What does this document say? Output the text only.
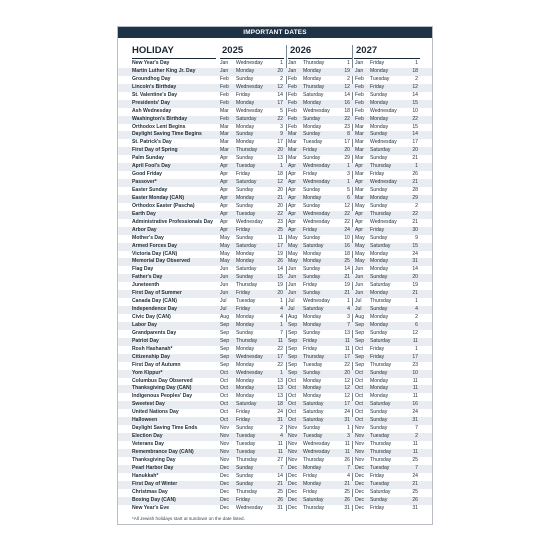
IMPORTANT DATES
HOLIDAY	2025	2026	2027
New Year's Day	Jan	Wednesday	1 Jan	Thursday	1 Jan	Friday	1
Martin Luther King Jr. Day	Jan	Monday	20 Jan	Monday	19 Jan	Monday	18
Groundhog Day	Feb	Sunday	2 Feb	Monday	2 Feb	Tuesday	2
Lincoln's Birthday	Feb	Wednesday	12 Feb	Thursday	12 Feb	Friday	12
St. Valentine's Day	Feb	Friday	14 Feb	Saturday	14 Feb	Sunday	14
Presidents' Day	Feb	Monday	17 Feb	Monday	16 Feb	Monday	15
Ash Wednesday	Mar	Wednesday	5 Feb	Wednesday	18 Feb	Wednesday	10
Washington's Birthday	Feb	Saturday	22 Feb	Sunday	22 Feb	Monday	22
Orthodox Lent Begins	Mar	Monday	3 Feb	Monday	23 Mar	Monday	15
Daylight Saving Time Begins	Mar	Sunday	9 Mar	Sunday	8 Mar	Sunday	14
St. Patrick's Day	Mar	Monday	17 Mar	Tuesday	17 Mar	Wednesday	17
First Day of Spring	Mar	Thursday	20 Mar	Friday	20 Mar	Saturday	20
Palm Sunday	Apr	Sunday	13 Mar	Sunday	29 Mar	Sunday	21
April Fool's Day	Apr	Tuesday	1 Apr	Wednesday	1 Apr	Thursday	1
Good Friday	Apr	Friday	18 Apr	Friday	3 Mar	Friday	26
Passover*	Apr	Saturday	12 Apr	Wednesday	1 Apr	Wednesday	21
Easter Sunday	Apr	Sunday	20 Apr	Sunday	5 Mar	Sunday	28
Easter Monday (CAN)	Apr	Monday	21 Apr	Monday	6 Mar	Monday	29
Orthodox Easter (Pascha)	Apr	Sunday	20 Apr	Sunday	12 May	Sunday	2
Earth Day	Apr	Tuesday	22 Apr	Wednesday	22 Apr	Thursday	22
Administrative Professionals Day	Apr	Wednesday	23 Apr	Wednesday	22 Apr	Wednesday	21
Arbor Day	Apr	Friday	25 Apr	Friday	24 Apr	Friday	30
Mother's Day	May	Sunday	11 May	Sunday	10 May	Sunday	9
Armed Forces Day	May	Saturday	17 May	Saturday	16 May	Saturday	15
Victoria Day (CAN)	May	Monday	19 May	Monday	18 May	Monday	24
Memorial Day Observed	May	Monday	26 May	Monday	25 May	Monday	31
Flag Day	Jun	Saturday	14 Jun	Sunday	14 Jun	Monday	14
Father's Day	Jun	Sunday	15 Jun	Sunday	21 Jun	Sunday	20
Juneteenth	Jun	Thursday	19 Jun	Friday	19 Jun	Saturday	19
First Day of Summer	Jun	Friday	20 Jun	Sunday	21 Jun	Monday	21
Canada Day (CAN)	Jul	Tuesday	1 Jul	Wednesday	1 Jul	Thursday	1
Independence Day	Jul	Friday	4 Jul	Saturday	4 Jul	Sunday	4
Civic Day (CAN)	Aug	Monday	4 Aug	Monday	3 Aug	Monday	2
Labor Day	Sep	Monday	1 Sep	Monday	7 Sep	Monday	6
Grandparents Day	Sep	Sunday	7 Sep	Sunday	13 Sep	Sunday	12
Patriot Day	Sep	Thursday	11 Sep	Friday	11 Sep	Saturday	11
Rosh Hashanah*	Sep	Monday	22 Sep	Friday	11 Oct	Friday	1
Citizenship Day	Sep	Wednesday	17 Sep	Thursday	17 Sep	Friday	17
First Day of Autumn	Sep	Monday	22 Sep	Tuesday	22 Sep	Thursday	23
Yom Kippur*	Oct	Wednesday	1 Sep	Sunday	20 Oct	Sunday	10
Columbus Day Observed	Oct	Monday	13 Oct	Monday	12 Oct	Monday	11
Thanksgiving Day (CAN)	Oct	Monday	13 Oct	Monday	12 Oct	Monday	11
Indigenous Peoples' Day	Oct	Monday	13 Oct	Monday	12 Oct	Monday	11
Sweetest Day	Oct	Saturday	18 Oct	Saturday	17 Oct	Saturday	16
United Nations Day	Oct	Friday	24 Oct	Saturday	24 Oct	Sunday	24
Halloween	Oct	Friday	31 Oct	Saturday	31 Oct	Sunday	31
Daylight Saving Time Ends	Nov	Sunday	2 Nov	Sunday	1 Nov	Sunday	7
Election Day	Nov	Tuesday	4 Nov	Tuesday	3 Nov	Tuesday	2
Veterans Day	Nov	Tuesday	11 Nov	Wednesday	11 Nov	Thursday	11
Remembrance Day (CAN)	Nov	Tuesday	11 Nov	Wednesday	11 Nov	Thursday	11
Thanksgiving Day	Nov	Thursday	27 Nov	Thursday	26 Nov	Thursday	25
Pearl Harbor Day	Dec	Sunday	7 Dec	Monday	7 Dec	Tuesday	7
Hanukkah*	Dec	Sunday	14 Dec	Friday	4 Dec	Friday	24
First Day of Winter	Dec	Sunday	21 Dec	Monday	21 Dec	Tuesday	21
Christmas Day	Dec	Thursday	25 Dec	Friday	25 Dec	Saturday	25
Boxing Day (CAN)	Dec	Friday	26 Dec	Saturday	26 Dec	Sunday	26
New Year's Eve	Dec	Wednesday	31 Dec	Thursday	31 Dec	Friday	31
*All Jewish holidays start at sundown on the date listed.
